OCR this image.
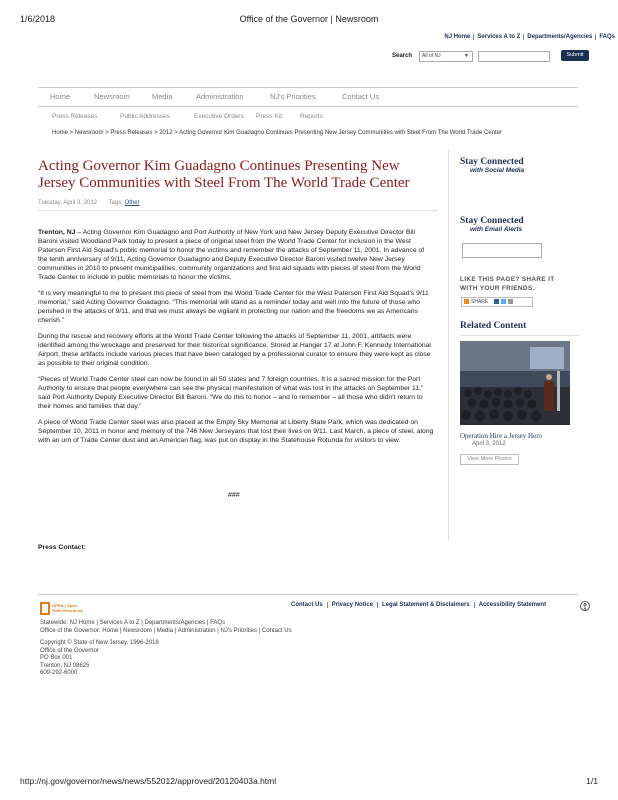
1/6/2018	Office of the Governor | Newsroom
NJ Home Services A to Z Departments/Agencies FAQs
Search	All of NJ	▼	Submit
Home	Newsroom	Media	Administration	NJ's Priorities	Contact Us
Press Releases	Public Addresses	Executive Orders Press Kit	Reports
Home > Newsroom > Press Releases > 2012 > Acting Governor Kim Guadagno Continues Presenting New Jersey Communities with Steel From The World Trade Center
Acting Governor Kim Guadagno Continues Presenting New Jersey Communities with Steel From The World Trade Center
Tuesday, April 3, 2012 Tags: Other

Trenton, NJ – Acting Governor Kim Guadagno and Port Authority of New York and New Jersey Deputy Executive Director Bill Baroni visited Woodland Park today to present a piece of original steel from the World Trade Center for inclusion in the West Paterson First Aid Squad's public memorial to honor the victims and remember the attacks of September 11, 2001. In advance of the tenth anniversary of 9/11, Acting Governor Guadagno and Deputy Executive Director Baroni visited twelve New Jersey communities in 2010 to present municipalities, community organizations and first aid squads with pieces of steel from the World Trade Center to include in public memorials to honor the victims.

“It is very meaningful to me to present this piece of steel from the World Trade Center for the West Paterson First Aid Squad's 9/11 memorial,” said Acting Governor Guadagno. “This memorial will stand as a reminder today and well into the future of those who perished in the attacks of 9/11, and that we must always be vigilant in protecting our nation and the freedoms we as Americans cherish.”

During the rescue and recovery efforts at the World Trade Center following the attacks of September 11, 2001, artifacts were identified among the wreckage and preserved for their historical significance. Stored at Hanger 17 at John F. Kennedy International Airport, these artifacts include various pieces that have been cataloged by a professional curator to ensure they were kept as close as possible to their original condition.

“Pieces of World Trade Center steel can now be found in all 50 states and 7 foreign countries. It is a sacred mission for the Port Authority to ensure that people everywhere can see the physical manifestation of what was lost in the attacks on September 11,” said Port Authority Deputy Executive Director Bill Baroni. “We do this to honor – and to remember – all those who didn't return to their homes and families that day.”

A piece of World Trade Center steel was also placed at the Empty Sky Memorial at Liberty State Park, which was dedicated on September 10, 2011 in honor and memory of the 746 New Jerseyans that lost their lives on 9/11. Last March, a piece of steel, along with an urn of Trade Center dust and an American flag, was put on display in the Statehouse Rotunda for visitors to view.

###
Press Contact:
Stay Connected
with Social Media
Stay Connected
with Email Alerts
LIKE THIS PAGE? SHARE IT
WITH YOUR FRIENDS.
SHARE
Related Content
Operation Hire a Jersey Hero
April 3, 2012
View More Photos
OPRA | Open
Public Records Act
Contact Us Privacy Notice Legal Statement & Disclaimers Accessibility Statement
Statewide: NJ Home | Services A to Z | Departments/Agencies | FAQs
Office of the Governor: Home | Newsroom | Media | Administration | NJ's Priorities | Contact Us
Copyright © State of New Jersey, 1996-2018
Office of the Governor
PO Box 001
Trenton, NJ 08625
609-292-6000
http://nj.gov/governor/news/news/552012/approved/20120403a.html	1/1
